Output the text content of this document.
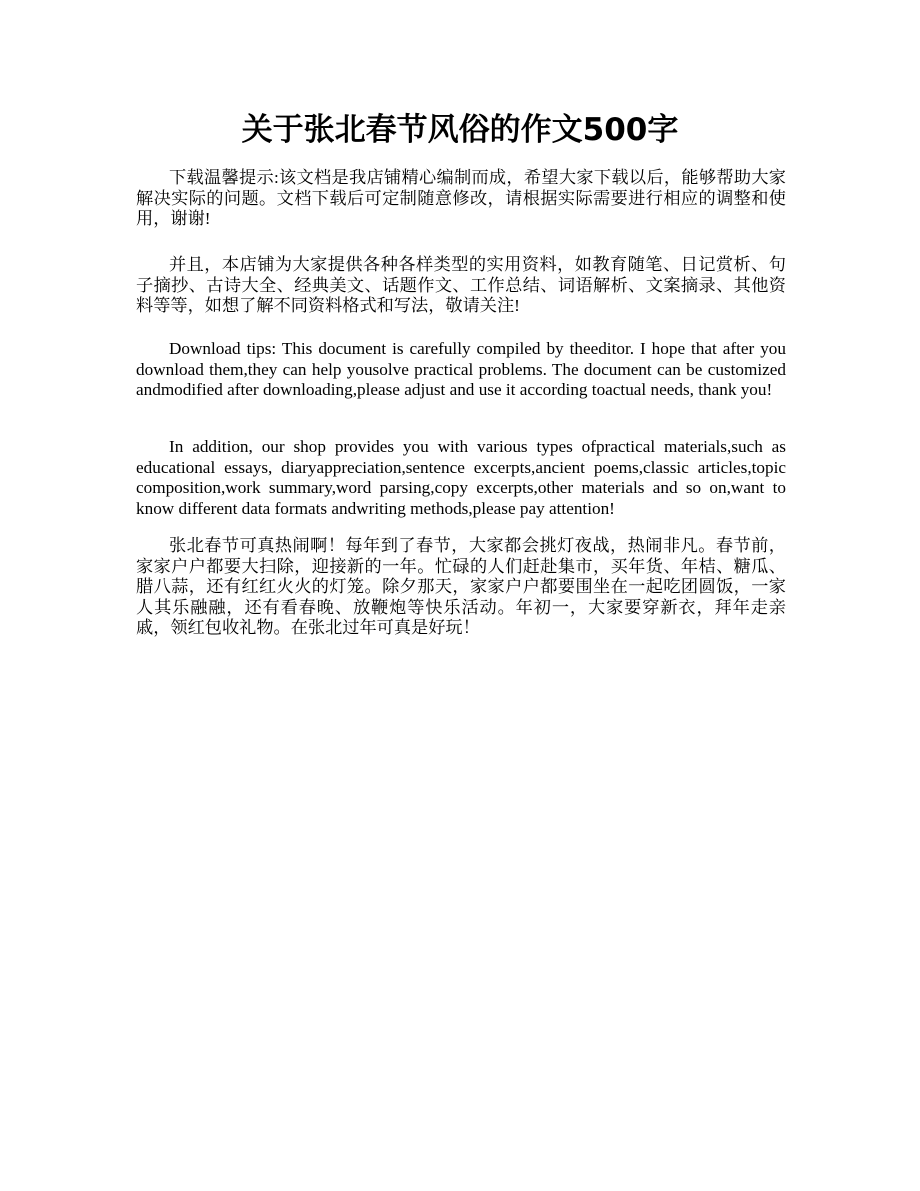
关于张北春节风俗的作文500字

下载温馨提示:该文档是我店铺精心编制而成，希望大家下载以后，能够帮助大家解决实际的问题。文档下载后可定制随意修改，请根据实际需要进行相应的调整和使用，谢谢!

并且，本店铺为大家提供各种各样类型的实用资料，如教育随笔、日记赏析、句子摘抄、古诗大全、经典美文、话题作文、工作总结、词语解析、文案摘录、其他资料等等，如想了解不同资料格式和写法，敬请关注!

Download tips: This document is carefully compiled by theeditor. I hope that after you download them,they can help yousolve practical problems. The document can be customized andmodified after downloading,please adjust and use it according toactual needs, thank you!

In addition, our shop provides you with various types ofpractical materials,such as educational essays, diaryappreciation,sentence excerpts,ancient poems,classic articles,topic composition,work summary,word parsing,copy excerpts,other materials and so on,want to know different data formats andwriting methods,please pay attention!

张北春节可真热闹啊！每年到了春节，大家都会挑灯夜战，热闹非凡。春节前，家家户户都要大扫除，迎接新的一年。忙碌的人们赶赴集市，买年货、年桔、糖瓜、腊八蒜，还有红红火火的灯笼。除夕那天，家家户户都要围坐在一起吃团圆饭，一家人其乐融融，还有看春晚、放鞭炮等快乐活动。年初一，大家要穿新衣，拜年走亲戚，领红包收礼物。在张北过年可真是好玩！
